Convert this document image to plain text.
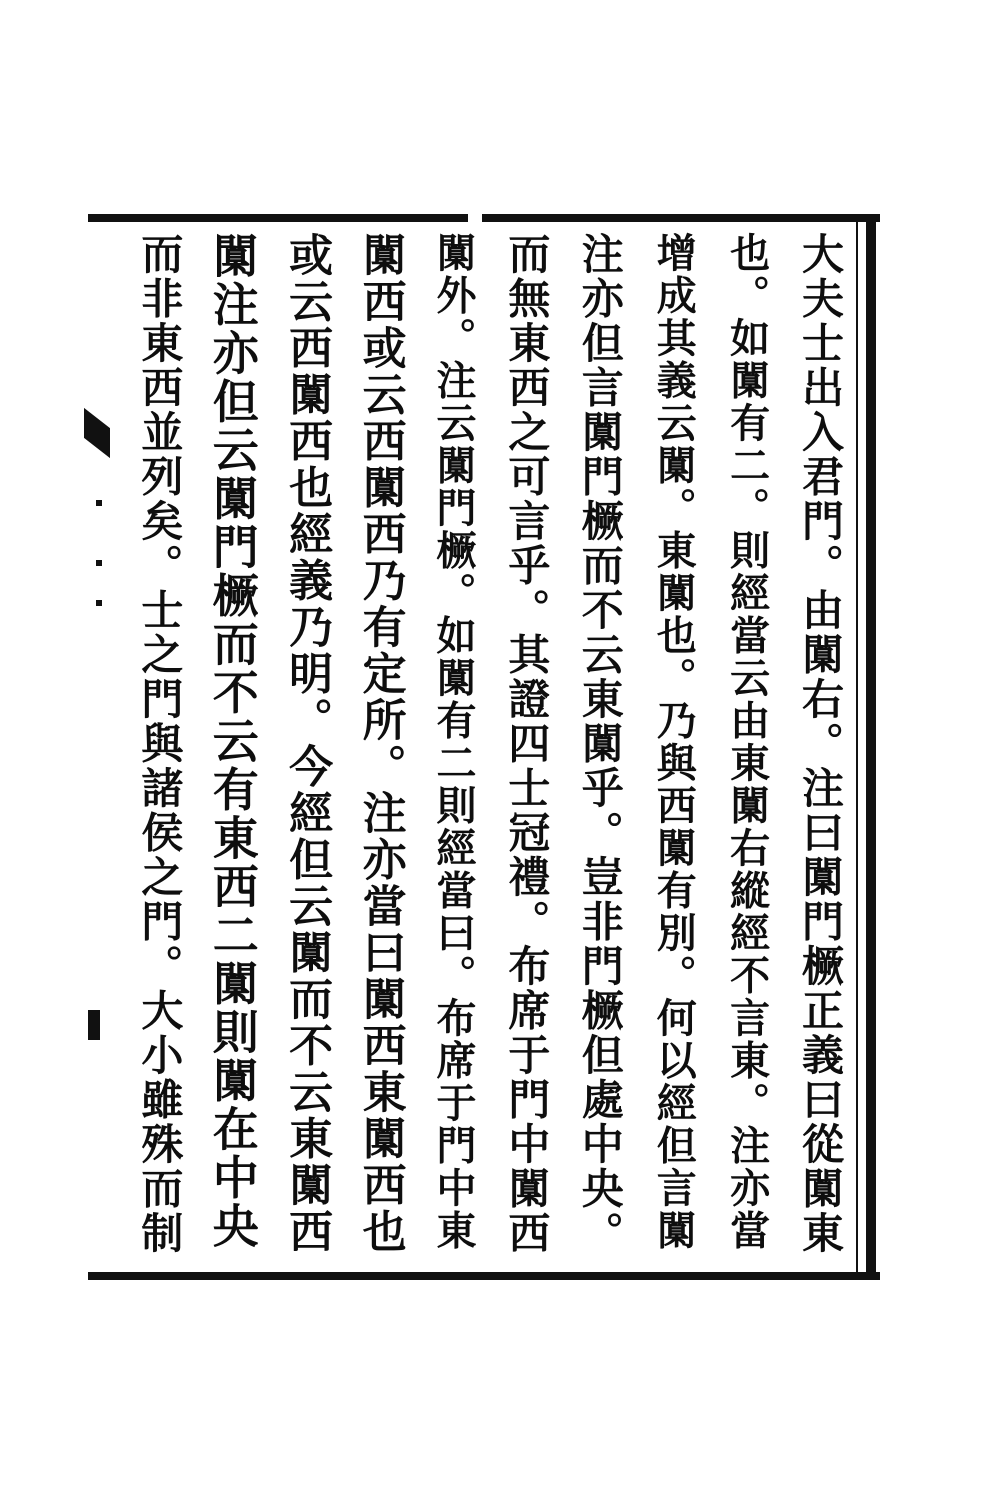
大夫士出入君門。由闑右。注曰闑門橛正義曰從闑東
也。如闑有二。則經當云由東闑右縱經不言東。注亦當
增成其義云闑。東闑也。乃與西闑有別。何以經但言闑
注亦但言闑門橛而不云東闑乎。豈非門橛但處中央。
而無東西之可言乎。其證四士冠禮。布席于門中闑西
闑外。注云闑門橛。如闑有二則經當曰。布席于門中東
闑西或云西闑西乃有定所。注亦當曰闑西東闑西也
或云西闑西也經義乃明。今經但云闑而不云東闑西
闑注亦但云闑門橛而不云有東西二闑則闑在中央
而非東西並列矣。士之門與諸侯之門。大小雖殊而制
